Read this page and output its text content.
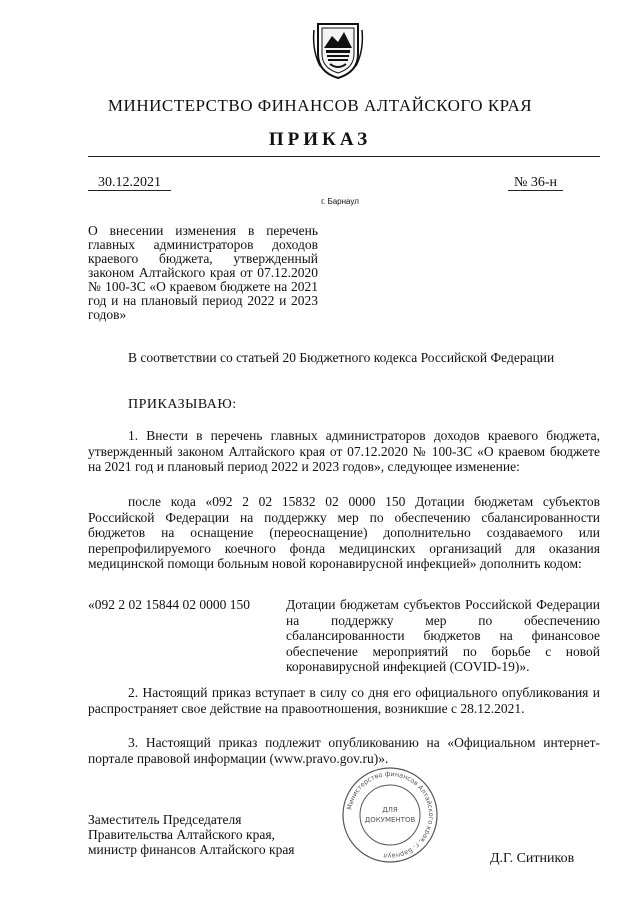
МИНИСТЕРСТВО ФИНАНСОВ АЛТАЙСКОГО КРАЯ
ПРИКАЗ
30.12.2021	№ 36-н
г. Барнаул
О внесении изменения в перечень главных администраторов доходов краевого бюджета, утвержденный законом Алтайского края от 07.12.2020 № 100-ЗС «О краевом бюджете на 2021 год и на плановый период 2022 и 2023 годов»
В соответствии со статьей 20 Бюджетного кодекса Российской Федерации
ПРИКАЗЫВАЮ:
1. Внести в перечень главных администраторов доходов краевого бюджета, утвержденный законом Алтайского края от 07.12.2020 № 100-ЗС «О краевом бюджете на 2021 год и плановый период 2022 и 2023 годов», следующее изменение:
после кода «092 2 02 15832 02 0000 150 Дотации бюджетам субъектов Российской Федерации на поддержку мер по обеспечению сбалансированности бюджетов на оснащение (переоснащение) дополнительно создаваемого или перепрофилируемого коечного фонда медицинских организаций для оказания медицинской помощи больным новой коронавирусной инфекцией» дополнить кодом:
«092 2 02 15844 02 0000 150	Дотации бюджетам субъектов Российской Федерации на поддержку мер по обеспечению сбалансированности бюджетов на финансовое обеспечение мероприятий по борьбе с новой коронавирусной инфекцией (COVID-19)».
2. Настоящий приказ вступает в силу со дня его официального опубликования и распространяет свое действие на правоотношения, возникшие с 28.12.2021.
3. Настоящий приказ подлежит опубликованию на «Официальном интернет-портале правовой информации (www.pravo.gov.ru)».
Заместитель Председателя
Правительства Алтайского края,
министр финансов Алтайского края
Министерство финансов Алтайского края, г. Барнаул
ДЛЯ
ДОКУМЕНТОВ
Д.Г. Ситников
